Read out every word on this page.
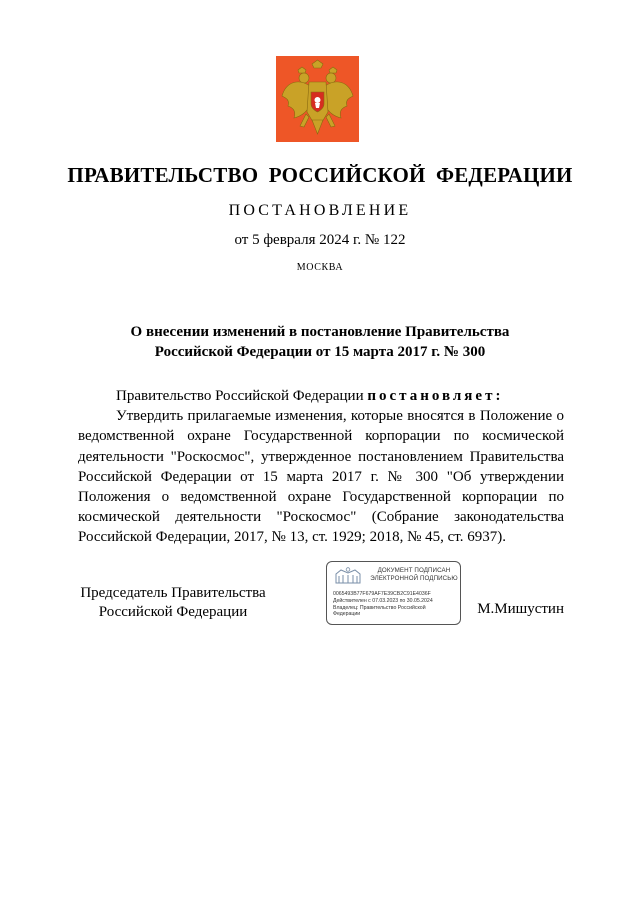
ПРАВИТЕЛЬСТВО РОССИЙСКОЙ ФЕДЕРАЦИИ
ПОСТАНОВЛЕНИЕ
от 5 февраля 2024 г. № 122
МОСКВА
О внесении изменений в постановление Правительства
Российской Федерации от 15 марта 2017 г. № 300

Правительство Российской Федерации постановляет:

Утвердить прилагаемые изменения, которые вносятся в Положение о ведомственной охране Государственной корпорации по космической деятельности "Роскосмос", утвержденное постановлением Правительства Российской Федерации от 15 марта 2017 г. № 300 "Об утверждении Положения о ведомственной охране Государственной корпорации по космической деятельности "Роскосмос" (Собрание законодательства Российской Федерации, 2017, № 13, ст. 1929; 2018, № 45, ст. 6937).

Председатель Правительства
Российской Федерации
ДОКУМЕНТ ПОДПИСАН
ЭЛЕКТРОННОЙ ПОДПИСЬЮ
0065493B77F679AF7E39CB2C91E4036F
Действителен с 07.03.2023 по 30.05.2024
Владелец: Правительство Российской
Федерации	М.Мишустин
